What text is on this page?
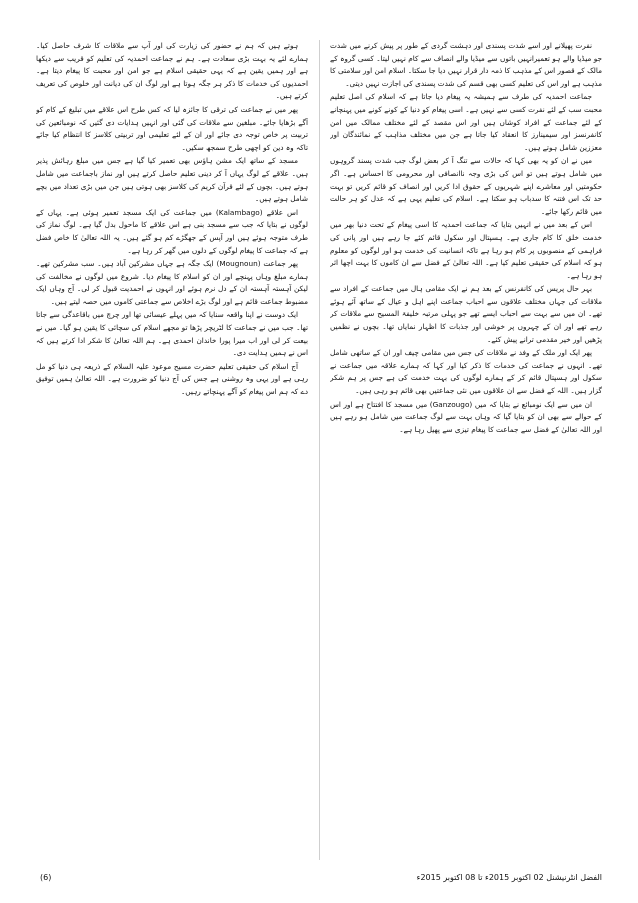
ہوتے ہیں کہ ہم نے حضور کی زیارت کی اور آپ سے ملاقات کا شرف حاصل کیا۔ ہمارے لئے یہ بہت بڑی سعادت ہے۔ ہم نے جماعت احمدیہ کی تعلیم کو قریب سے دیکھا ہے اور ہمیں یقین ہے کہ یہی حقیقی اسلام ہے جو امن اور محبت کا پیغام دیتا ہے۔ احمدیوں کی خدمات کا ذکر ہر جگہ ہوتا ہے اور لوگ ان کی دیانت اور خلوص کی تعریف کرتے ہیں۔

پھر میں نے جماعت کی ترقی کا جائزہ لیا کہ کس طرح اس علاقے میں تبلیغ کے کام کو آگے بڑھایا جائے۔ مبلغین سے ملاقات کی گئی اور انہیں ہدایات دی گئیں کہ نومبائعین کی تربیت پر خاص توجہ دی جائے اور ان کے لئے تعلیمی اور تربیتی کلاسز کا انتظام کیا جائے تاکہ وہ دین کو اچھی طرح سمجھ سکیں۔

مسجد کے ساتھ ایک مشن ہاؤس بھی تعمیر کیا گیا ہے جس میں مبلغ رہائش پذیر ہیں۔ علاقے کے لوگ یہاں آ کر دینی تعلیم حاصل کرتے ہیں اور نماز باجماعت میں شامل ہوتے ہیں۔ بچوں کے لئے قرآن کریم کی کلاسز بھی ہوتی ہیں جن میں بڑی تعداد میں بچے شامل ہوتے ہیں۔

اس علاقے (Kalambago) میں جماعت کی ایک مسجد تعمیر ہوئی ہے۔ یہاں کے لوگوں نے بتایا کہ جب سے مسجد بنی ہے اس علاقے کا ماحول بدل گیا ہے۔ لوگ نماز کی طرف متوجہ ہوئے ہیں اور آپس کے جھگڑے کم ہو گئے ہیں۔ یہ اللہ تعالیٰ کا خاص فضل ہے کہ جماعت کا پیغام لوگوں کے دلوں میں گھر کر رہا ہے۔

پھر جماعت (Mougnoun) ایک جگہ ہے جہاں مشرکین آباد ہیں۔ سب مشرکین تھے۔ ہمارے مبلغ وہاں پہنچے اور ان کو اسلام کا پیغام دیا۔ شروع میں لوگوں نے مخالفت کی لیکن آہستہ آہستہ ان کے دل نرم ہوئے اور انہوں نے احمدیت قبول کر لی۔ آج وہاں ایک مضبوط جماعت قائم ہے اور لوگ بڑے اخلاص سے جماعتی کاموں میں حصہ لیتے ہیں۔

ایک دوست نے اپنا واقعہ سنایا کہ میں پہلے عیسائی تھا اور چرچ میں باقاعدگی سے جاتا تھا۔ جب میں نے جماعت کا لٹریچر پڑھا تو مجھے اسلام کی سچائی کا یقین ہو گیا۔ میں نے بیعت کر لی اور اب میرا پورا خاندان احمدی ہے۔ ہم اللہ تعالیٰ کا شکر ادا کرتے ہیں کہ اس نے ہمیں ہدایت دی۔

آج اسلام کی حقیقی تعلیم حضرت مسیح موعود علیہ السلام کے ذریعہ ہی دنیا کو مل رہی ہے اور یہی وہ روشنی ہے جس کی آج دنیا کو ضرورت ہے۔ اللہ تعالیٰ ہمیں توفیق دے کہ ہم اس پیغام کو آگے پہنچاتے رہیں۔

نفرت پھیلانے اور اسے شدت پسندی اور دہشت گردی کے طور پر پیش کرنے میں شدت جو میڈیا والے ہو تعمیرانہیں باتوں سے میڈیا والے انصاف سے کام نہیں لیتا۔ کسی گروہ کے مالک کے قصور اس کے مذہب کا ذمہ دار قرار نہیں دیا جا سکتا۔ اسلام امن اور سلامتی کا مذہب ہے اور اس کی تعلیم کسی بھی قسم کی شدت پسندی کی اجازت نہیں دیتی۔

جماعت احمدیہ کی طرف سے ہمیشہ یہ پیغام دیا جاتا ہے کہ اسلام کی اصل تعلیم محبت سب کے لئے نفرت کسی سے نہیں ہے۔ اسی پیغام کو دنیا کے کونے کونے میں پہنچانے کے لئے جماعت کے افراد کوشاں ہیں اور اس مقصد کے لئے مختلف ممالک میں امن کانفرنسز اور سیمینارز کا انعقاد کیا جاتا ہے جن میں مختلف مذاہب کے نمائندگان اور معززین شامل ہوتے ہیں۔

میں نے ان کو یہ بھی کہا کہ حالات سے تنگ آ کر بعض لوگ جب شدت پسند گروہوں میں شامل ہوتے ہیں تو اس کی بڑی وجہ ناانصافی اور محرومی کا احساس ہے۔ اگر حکومتیں اور معاشرے اپنے شہریوں کے حقوق ادا کریں اور انصاف کو قائم کریں تو بہت حد تک اس فتنہ کا سدباب ہو سکتا ہے۔ اسلام کی تعلیم یہی ہے کہ عدل کو ہر حالت میں قائم رکھا جائے۔

اس کے بعد میں نے انہیں بتایا کہ جماعت احمدیہ کا اسی پیغام کے تحت دنیا بھر میں خدمت خلق کا کام جاری ہے۔ ہسپتال اور سکول قائم کئے جا رہے ہیں اور پانی کی فراہمی کے منصوبوں پر کام ہو رہا ہے تاکہ انسانیت کی خدمت ہو اور لوگوں کو معلوم ہو کہ اسلام کی حقیقی تعلیم کیا ہے۔ اللہ تعالیٰ کے فضل سے ان کاموں کا بہت اچھا اثر ہو رہا ہے۔

بہر حال پریس کی کانفرنس کے بعد ہم نے ایک مقامی ہال میں جماعت کے افراد سے ملاقات کی جہاں مختلف علاقوں سے احباب جماعت اپنے اہل و عیال کے ساتھ آئے ہوئے تھے۔ ان میں سے بہت سے احباب ایسے تھے جو پہلی مرتبہ خلیفۃ المسیح سے ملاقات کر رہے تھے اور ان کے چہروں پر خوشی اور جذبات کا اظہار نمایاں تھا۔ بچوں نے نظمیں پڑھیں اور خیر مقدمی ترانے پیش کئے۔

پھر ایک اور ملک کے وفد نے ملاقات کی جس میں مقامی چیف اور ان کے ساتھی شامل تھے۔ انہوں نے جماعت کی خدمات کا ذکر کیا اور کہا کہ ہمارے علاقہ میں جماعت نے سکول اور ہسپتال قائم کر کے ہمارے لوگوں کی بہت خدمت کی ہے جس پر ہم شکر گزار ہیں۔ اللہ کے فضل سے ان علاقوں میں نئی جماعتیں بھی قائم ہو رہی ہیں۔

ان میں سے ایک نومبائع نے بتایا کہ میں (Ganzougo) میں مسجد کا افتتاح ہے اور اس کے حوالے سے بھی ان کو بتایا گیا کہ وہاں بہت سے لوگ جماعت میں شامل ہو رہے ہیں اور اللہ تعالیٰ کے فضل سے جماعت کا پیغام تیزی سے پھیل رہا ہے۔

(6)	الفضل انٹرنیشنل 02 اکتوبر 2015ء تا 08 اکتوبر 2015ء
